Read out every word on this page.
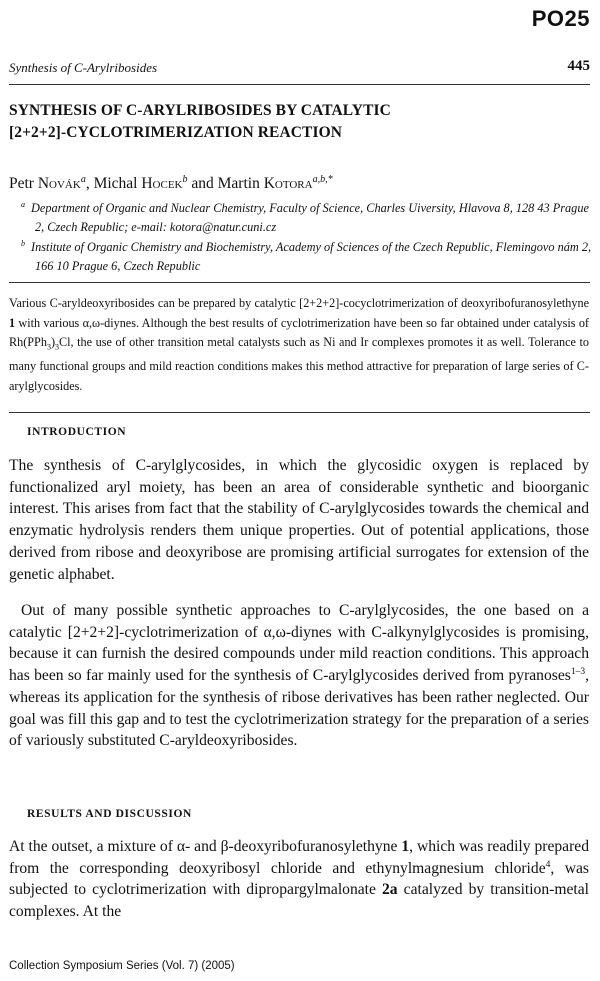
PO25
Synthesis of C-Arylribosides	445
SYNTHESIS OF C-ARYLRIBOSIDES BY CATALYTIC
[2+2+2]-CYCLOTRIMERIZATION REACTION
Petr Novák$^a$, Michal Hocek$^b$ and Martin Kotora$^{a,b,*}$
$^a$ Department of Organic and Nuclear Chemistry, Faculty of Science, Charles Uiversity, Hlavova 8, 128 43 Prague 2, Czech Republic; e-mail: kotora@natur.cuni.cz
$^b$ Institute of Organic Chemistry and Biochemistry, Academy of Sciences of the Czech Republic, Flemingovo nám 2, 166 10 Prague 6, Czech Republic
Various C-aryldeoxyribosides can be prepared by catalytic [2+2+2]-cocyclotrimerization of deoxyribofuranosylethyne 1 with various α,ω-diynes. Although the best results of cyclotrimerization have been so far obtained under catalysis of $Rh(PPh_3)_3Cl$, the use of other transition metal catalysts such as Ni and Ir complexes promotes it as well. Tolerance to many functional groups and mild reaction conditions makes this method attractive for preparation of large series of C-arylglycosides.
INTRODUCTION
The synthesis of C-arylglycosides, in which the glycosidic oxygen is replaced by functionalized aryl moiety, has been an area of considerable synthetic and bioorganic interest. This arises from fact that the stability of C-arylglycosides towards the chemical and enzymatic hydrolysis renders them unique properties. Out of potential applications, those derived from ribose and deoxyribose are promising artificial surrogates for extension of the genetic alphabet.
Out of many possible synthetic approaches to C-arylglycosides, the one based on a catalytic [2+2+2]-cyclotrimerization of α,ω-diynes with C-alkynylglycosides is promising, because it can furnish the desired compounds under mild reaction conditions. This approach has been so far mainly used for the synthesis of C-arylglycosides derived from pyranoses$^{1-3}$, whereas its application for the synthesis of ribose derivatives has been rather neglected. Our goal was fill this gap and to test the cyclotrimerization strategy for the preparation of a series of variously substituted C-aryldeoxyribosides.
RESULTS AND DISCUSSION
At the outset, a mixture of α- and β-deoxyribofuranosylethyne 1, which was readily prepared from the corresponding deoxyribosyl chloride and ethynylmagnesium chloride$^4$, was subjected to cyclotrimerization with dipropargylmalonate 2a catalyzed by transition-metal complexes. At the
Collection Symposium Series (Vol. 7) (2005)
